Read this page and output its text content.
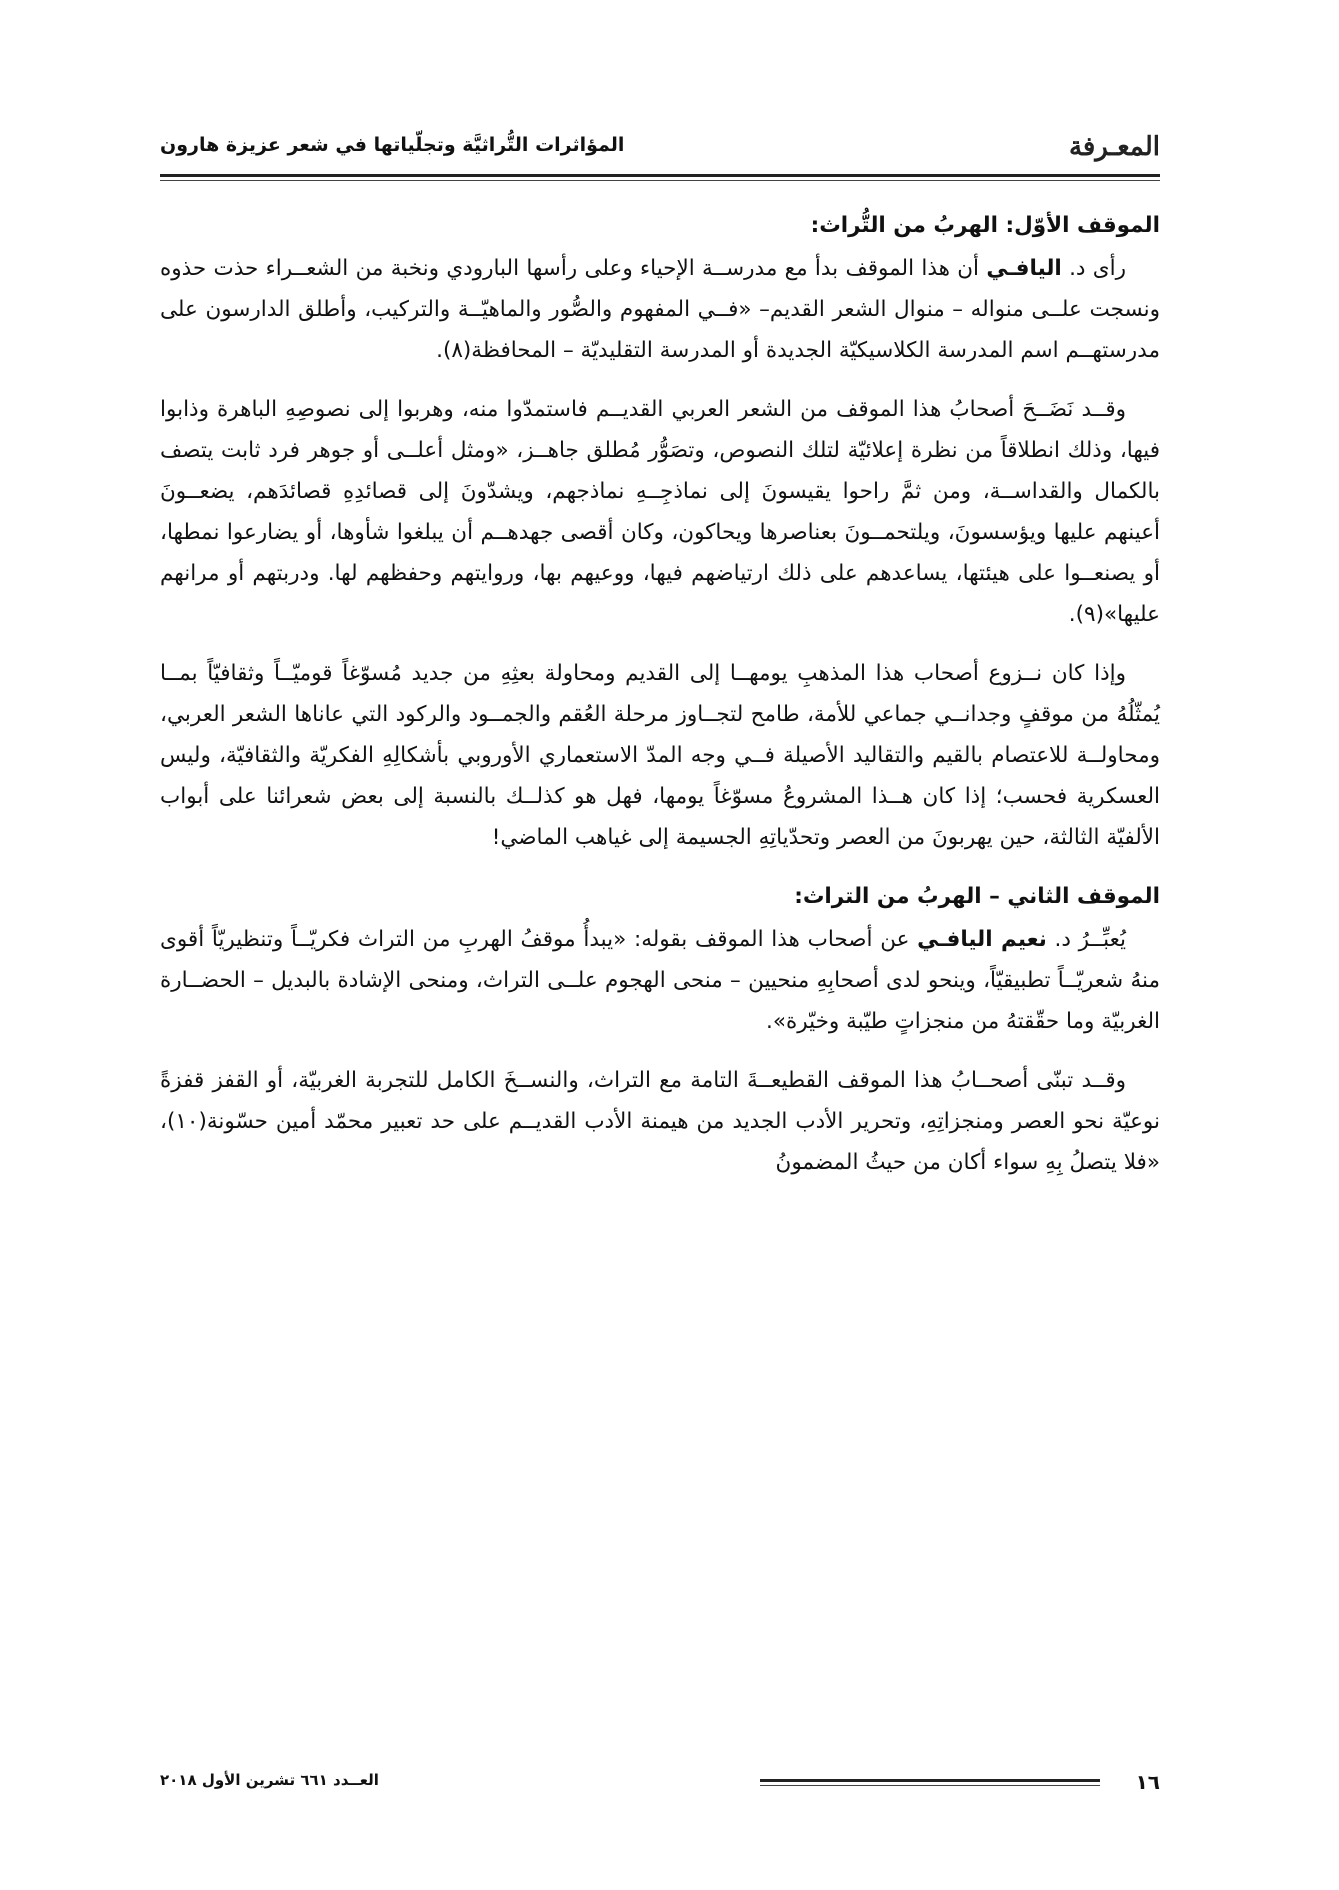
المعـرفة
المؤاثرات التُّراثيَّة وتجلّياتها في شعر عزيزة هارون
الموقف الأوّل: الهربُ من التُّراث:

رأى د. اليافـي أن هذا الموقف بدأ مع مدرســة الإحياء وعلى رأسها البارودي ونخبة من الشعــراء حذت حذوه ونسجت علــى منواله – منوال الشعر القديم– «فــي المفهوم والصُّور والماهيّــة والتركيب، وأطلق الدارسون على مدرستهــم اسم المدرسة الكلاسيكيّة الجديدة أو المدرسة التقليديّة – المحافظة(٨).

وقــد نَضَــحَ أصحابُ هذا الموقف من الشعر العربي القديــم فاستمدّوا منه، وهربوا إلى نصوصِهِ الباهرة وذابوا فيها، وذلك انطلاقاً من نظرة إعلائيّة لتلك النصوص، وتصَوُّر مُطلق جاهــز، «ومثل أعلــى أو جوهر فرد ثابت يتصف بالكمال والقداســة، ومن ثمَّ راحوا يقيسونَ إلى نماذجِــهِ نماذجهم، ويشدّونَ إلى قصائدِهِ قصائدَهم، يضعــونَ أعينهم عليها ويؤسسونَ، ويلتحمــونَ بعناصرها ويحاكون، وكان أقصى جهدهــم أن يبلغوا شأوها، أو يضارعوا نمطها، أو يصنعــوا على هيئتها، يساعدهم على ذلك ارتياضهم فيها، ووعيهم بها، وروايتهم وحفظهم لها. ودربتهم أو مرانهم عليها»(٩).

وإذا كان نــزوع أصحاب هذا المذهبِ يومهــا إلى القديم ومحاولة بعثِهِ من جديد مُسوّغاً قوميّــاً وثقافيّاً بمــا يُمثّلُهُ من موقفٍ وجدانــي جماعي للأمة، طامح لتجــاوز مرحلة العُقم والجمــود والركود التي عاناها الشعر العربي، ومحاولــة للاعتصام بالقيم والتقاليد الأصيلة فــي وجه المدّ الاستعماري الأوروبي بأشكالِهِ الفكريّة والثقافيّة، وليس العسكرية فحسب؛ إذا كان هــذا المشروعُ مسوّغاً يومها، فهل هو كذلــك بالنسبة إلى بعض شعرائنا على أبواب الألفيّة الثالثة، حين يهربونَ من العصر وتحدّياتِهِ الجسيمة إلى غياهب الماضي!

الموقف الثاني – الهربُ من التراث:

يُعبِّــرُ د. نعيم اليافـي عن أصحاب هذا الموقف بقوله: «يبدأُ موقفُ الهربِ من التراث فكريّــاً وتنظيريّاً أقوى منهُ شعريّــاً تطبيقيّاً، وينحو لدى أصحابِهِ منحيين – منحى الهجوم علــى التراث، ومنحى الإشادة بالبديل – الحضــارة الغربيّة وما حقّقتهُ من منجزاتٍ طيّبة وخيّرة».

وقــد تبنّى أصحــابُ هذا الموقف القطيعــةَ التامة مع التراث، والنســخَ الكامل للتجربة الغربيّة، أو القفز قفزةً نوعيّة نحو العصر ومنجزاتِهِ، وتحرير الأدب الجديد من هيمنة الأدب القديــم على حد تعبير محمّد أمين حسّونة(١٠)، «فلا يتصلُ بِهِ سواء أكان من حيثُ المضمونُ

١٦
العــدد ٦٦١ تشرين الأول ٢٠١٨
